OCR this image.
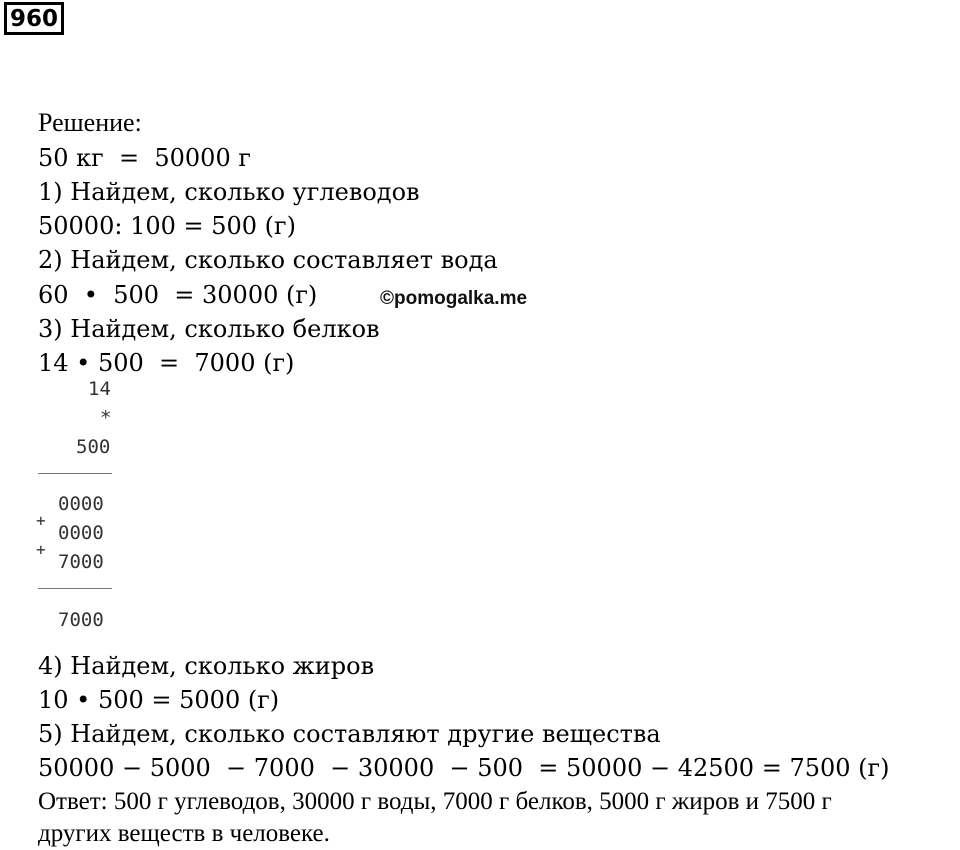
960
Решение:
50 кг  =  50000 г
1) Найдем, сколько углеводов
50000: 100 = 500 (г)
2) Найдем, сколько составляет вода
60  •  500  = 30000 (г)	©pomogalka.me
3) Найдем, сколько белков
14 • 500  =  7000 (г)
14
*
500
0000
+
0000
+
7000
7000
4) Найдем, сколько жиров
10 • 500 = 5000 (г)
5) Найдем, сколько составляют другие вещества
50000 − 5000  − 7000  − 30000  − 500  = 50000 − 42500 = 7500 (г)
Ответ: 500 г углеводов, 30000 г воды, 7000 г белков, 5000 г жиров и 7500 г
других веществ в человеке.
